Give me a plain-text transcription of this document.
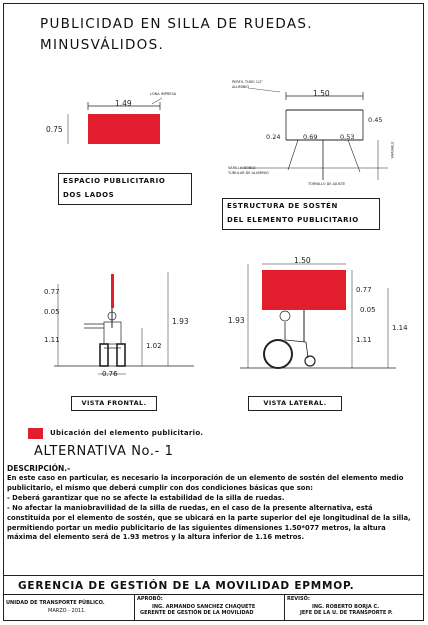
PUBLICIDAD EN SILLA DE RUEDAS.
MINUSVÁLIDOS.
1.49
LONA IMPRESA
0.75
ESPACIO PUBLICITARIO
DOS LADOS
1.50
0.45
0.24	0.69	0.53
PERFIL TUBO 1/2"
ALUMINIO
VARILLA DOBLE
TUBULAR DE ALUMINIO
VARIABLE
TORNILLO DE AJUSTE
ESTRUCTURA DE SOSTÉN
DEL ELEMENTO PUBLICITARIO
0.77
0.05
1.11
1.93
1.02
0.76
VISTA FRONTAL.
1.50
0.77
0.05
1.93
1.11
1.14
VISTA LATERAL.
Ubicación del elemento publicitario.
ALTERNATIVA No.- 1
DESCRIPCIÓN.-

En este caso en particular, es necesario la incorporación de un elemento de sostén del elemento medio publicitario, el mismo que deberá cumplir con dos condiciones básicas que son:

- Deberá garantizar que no se afecte la estabilidad de la silla de ruedas.

- No afectar la maniobravilidad de la silla de ruedas, en el caso de la presente alternativa, está constituida por el elemento de sostén, que se ubicará en la parte superior del eje longitudinal de la silla, permitiendo portar un medio publicitario de las siguientes dimensiones 1.50*077 metros, la altura máxima del elemento será de 1.93 metros y la altura inferior de 1.16 metros.

GERENCIA DE GESTIÓN DE LA MOVILIDAD EPMMOP.
UNIDAD DE TRANSPORTE PÚBLICO.
MARZO - 2011.
APROBÓ:
ING. ARMANDO SANCHEZ CHAQUETE
GERENTE DE GESTIÓN DE LA MOVILIDAD
REVISÓ:
ING. ROBERTO BORJA C.
JEFE DE LA U. DE TRANSPORTE P.
